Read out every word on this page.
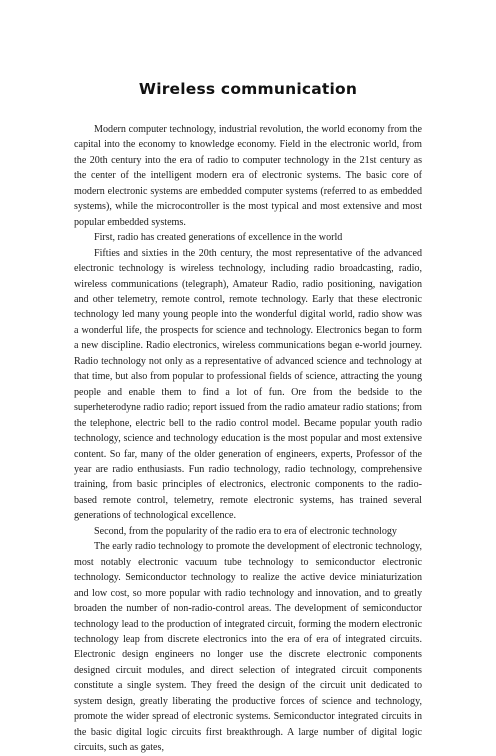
Wireless communication

Modern computer technology, industrial revolution, the world economy from the capital into the economy to knowledge economy. Field in the electronic world, from the 20th century into the era of radio to computer technology in the 21st century as the center of the intelligent modern era of electronic systems. The basic core of modern electronic systems are embedded computer systems (referred to as embedded systems), while the microcontroller is the most typical and most extensive and most popular embedded systems.

First, radio has created generations of excellence in the world

Fifties and sixties in the 20th century, the most representative of the advanced electronic technology is wireless technology, including radio broadcasting, radio, wireless communications (telegraph), Amateur Radio, radio positioning, navigation and other telemetry, remote control, remote technology. Early that these electronic technology led many young people into the wonderful digital world, radio show was a wonderful life, the prospects for science and technology. Electronics began to form a new discipline. Radio electronics, wireless communications began e-world journey. Radio technology not only as a representative of advanced science and technology at that time, but also from popular to professional fields of science, attracting the young people and enable them to find a lot of fun. Ore from the bedside to the superheterodyne radio radio; report issued from the radio amateur radio stations; from the telephone, electric bell to the radio control model. Became popular youth radio technology, science and technology education is the most popular and most extensive content. So far, many of the older generation of engineers, experts, Professor of the year are radio enthusiasts. Fun radio technology, radio technology, comprehensive training, from basic principles of electronics, electronic components to the radio-based remote control, telemetry, remote electronic systems, has trained several generations of technological excellence.

Second, from the popularity of the radio era to era of electronic technology

The early radio technology to promote the development of electronic technology, most notably electronic vacuum tube technology to semiconductor electronic technology. Semiconductor technology to realize the active device miniaturization and low cost, so more popular with radio technology and innovation, and to greatly broaden the number of non-radio-control areas. The development of semiconductor technology lead to the production of integrated circuit, forming the modern electronic technology leap from discrete electronics into the era of era of integrated circuits. Electronic design engineers no longer use the discrete electronic components designed circuit modules, and direct selection of integrated circuit components constitute a single system. They freed the design of the circuit unit dedicated to system design, greatly liberating the productive forces of science and technology, promote the wider spread of electronic systems. Semiconductor integrated circuits in the basic digital logic circuits first breakthrough. A large number of digital logic circuits, such as gates,
